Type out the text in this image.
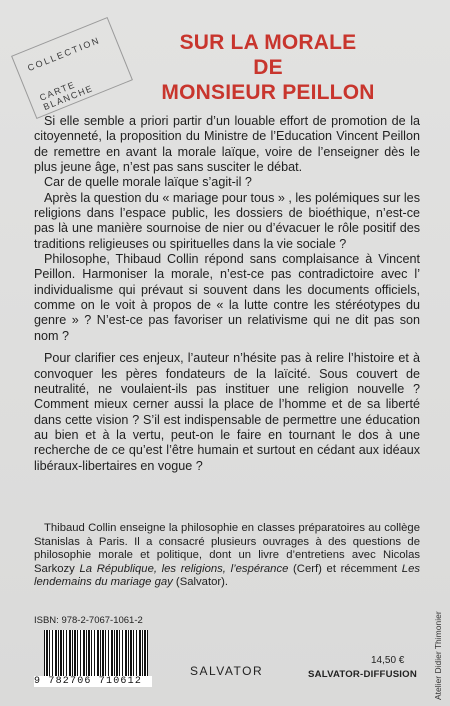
COLLECTION
CARTE BLANCHE
SUR LA MORALE
DE
MONSIEUR PEILLON

Si elle semble a priori partir d’un louable effort de promotion de la citoyenneté, la proposition du Ministre de l’Education Vincent Peillon de remettre en avant la morale laïque, voire de l’enseigner dès le plus jeune âge, n’est pas sans susciter le débat.

Car de quelle morale laïque s’agit-il ?

Après la question du « mariage pour tous » , les polémiques sur les religions dans l’espace public, les dossiers de bioéthique, n’est-ce pas là une manière sournoise de nier ou d’évacuer le rôle positif des traditions religieuses ou spirituelles dans la vie sociale ?

Philosophe, Thibaud Collin répond sans complaisance à Vincent Peillon. Harmoniser la morale, n’est-ce pas contradictoire avec l’ individualisme qui prévaut si souvent dans les documents officiels, comme on le voit à propos de « la lutte contre les stéréotypes du genre » ? N’est-ce pas favoriser un relativisme qui ne dit pas son nom ?

Pour clarifier ces enjeux, l’auteur n’hésite pas à relire l’histoire et à convoquer les pères fondateurs de la laïcité. Sous couvert de neutralité, ne voulaient-ils pas instituer une religion nouvelle ? Comment mieux cerner aussi la place de l’homme et de sa liberté dans cette vision ? S’il est indispensable de permettre une éducation au bien et à la vertu, peut-on le faire en tournant le dos à une recherche de ce qu’est l’être humain et surtout en cédant aux idéaux libéraux-libertaires en vogue ?

Thibaud Collin enseigne la philosophie en classes préparatoires au collège Stanislas à Paris. Il a consacré plusieurs ouvrages à des questions de philosophie morale et politique, dont un livre d’entretiens avec Nicolas Sarkozy La République, les religions, l’espérance (Cerf) et récemment Les lendemains du mariage gay (Salvator).

Atelier Didier Thimonier
ISBN: 978-2-7067-1061-2
9 782706 710612
SALVATOR
14,50 €
SALVATOR-DIFFUSION
